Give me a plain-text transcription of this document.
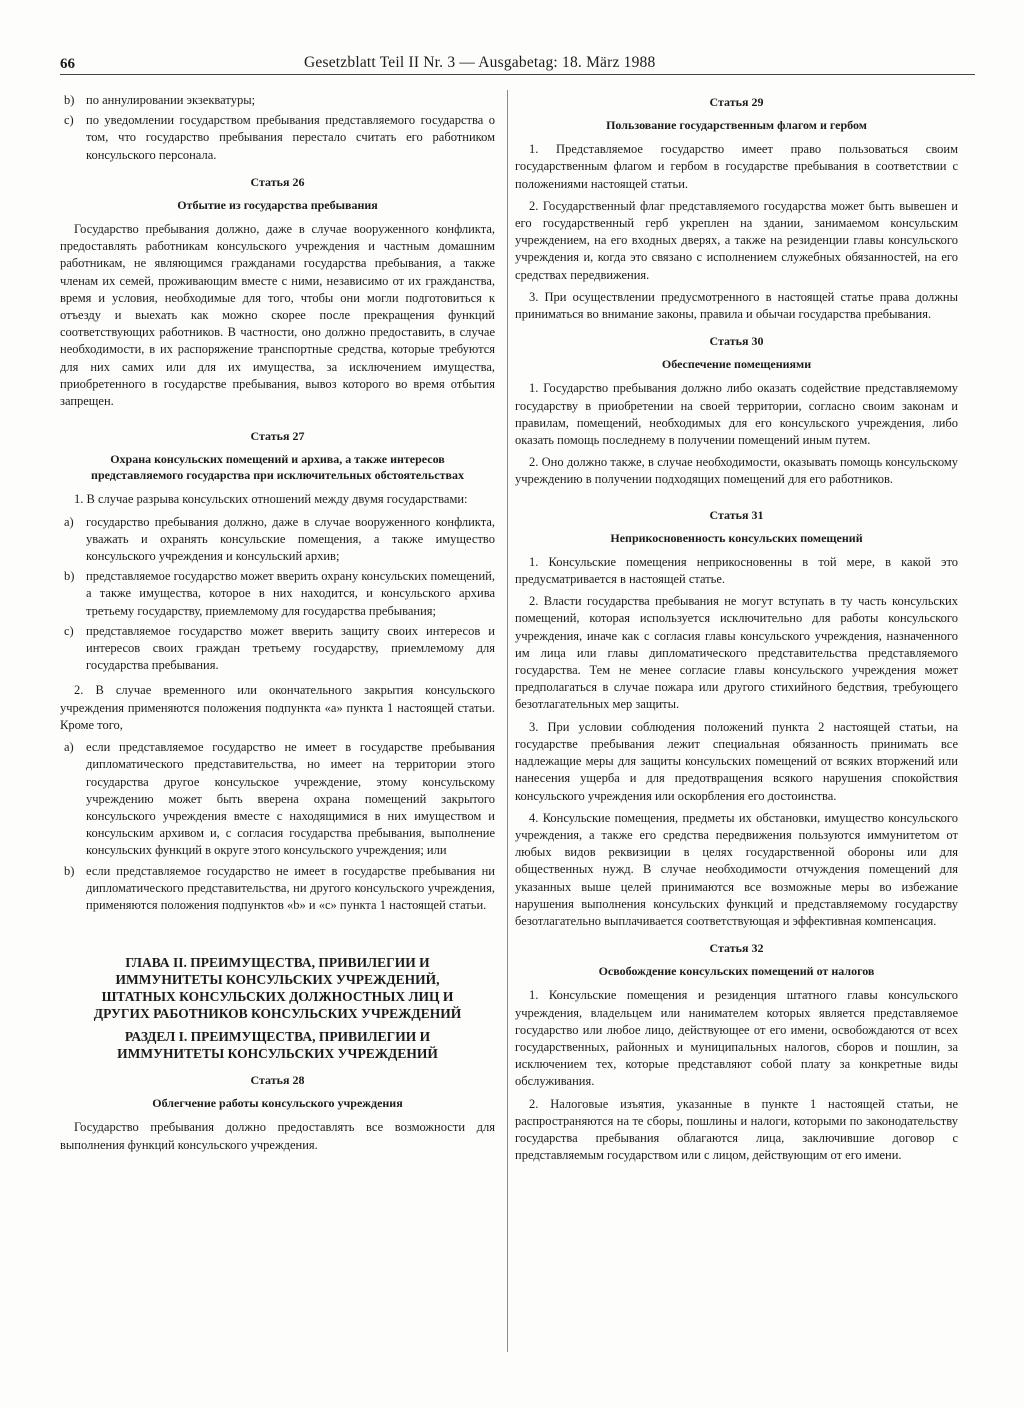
66	Gesetzblatt Teil II Nr. 3 — Ausgabetag: 18. März 1988
b) по аннулировании экзекватуры;
c) по уведомлении государством пребывания представляемого государства о том, что государство пребывания перестало считать его работником консульского персонала.

Статья 26

Отбытие из государства пребывания

Государство пребывания должно, даже в случае вооруженного конфликта, предоставлять работникам консульского учреждения и частным домашним работникам, не являющимся гражданами государства пребывания, а также членам их семей, проживающим вместе с ними, независимо от их гражданства, время и условия, необходимые для того, чтобы они могли подготовиться к отъезду и выехать как можно скорее после прекращения функций соответствующих работников. В частности, оно должно предоставить, в случае необходимости, в их распоряжение транспортные средства, которые требуются для них самих или для их имущества, за исключением имущества, приобретенного в государстве пребывания, вывоз которого во время отбытия запрещен.

Статья 27

Охрана консульских помещений и архива, а также интересов представляемого государства при исключительных обстоятельствах

1. В случае разрыва консульских отношений между двумя государствами:

a) государство пребывания должно, даже в случае вооруженного конфликта, уважать и охранять консульские помещения, а также имущество консульского учреждения и консульский архив;
b) представляемое государство может вверить охрану консульских помещений, а также имущества, которое в них находится, и консульского архива третьему государству, приемлемому для государства пребывания;
c) представляемое государство может вверить защиту своих интересов и интересов своих граждан третьему государству, приемлемому для государства пребывания.

2. В случае временного или окончательного закрытия консульского учреждения применяются положения подпункта «a» пункта 1 настоящей статьи. Кроме того,

a) если представляемое государство не имеет в государстве пребывания дипломатического представительства, но имеет на территории этого государства другое консульское учреждение, этому консульскому учреждению может быть вверена охрана помещений закрытого консульского учреждения вместе с находящимися в них имуществом и консульским архивом и, с согласия государства пребывания, выполнение консульских функций в округе этого консульского учреждения; или
b) если представляемое государство не имеет в государстве пребывания ни дипломатического представительства, ни другого консульского учреждения, применяются положения подпунктов «b» и «c» пункта 1 настоящей статьи.

ГЛАВА II. ПРЕИМУЩЕСТВА, ПРИВИЛЕГИИ И ИММУНИТЕТЫ КОНСУЛЬСКИХ УЧРЕЖДЕНИЙ, ШТАТНЫХ КОНСУЛЬСКИХ ДОЛЖНОСТНЫХ ЛИЦ И ДРУГИХ РАБОТНИКОВ КОНСУЛЬСКИХ УЧРЕЖДЕНИЙ

РАЗДЕЛ I. ПРЕИМУЩЕСТВА, ПРИВИЛЕГИИ И ИММУНИТЕТЫ КОНСУЛЬСКИХ УЧРЕЖДЕНИЙ

Статья 28

Облегчение работы консульского учреждения

Государство пребывания должно предоставлять все возможности для выполнения функций консульского учреждения.

Статья 29

Пользование государственным флагом и гербом

1. Представляемое государство имеет право пользоваться своим государственным флагом и гербом в государстве пребывания в соответствии с положениями настоящей статьи.

2. Государственный флаг представляемого государства может быть вывешен и его государственный герб укреплен на здании, занимаемом консульским учреждением, на его входных дверях, а также на резиденции главы консульского учреждения и, когда это связано с исполнением служебных обязанностей, на его средствах передвижения.

3. При осуществлении предусмотренного в настоящей статье права должны приниматься во внимание законы, правила и обычаи государства пребывания.

Статья 30

Обеспечение помещениями

1. Государство пребывания должно либо оказать содействие представляемому государству в приобретении на своей территории, согласно своим законам и правилам, помещений, необходимых для его консульского учреждения, либо оказать помощь последнему в получении помещений иным путем.

2. Оно должно также, в случае необходимости, оказывать помощь консульскому учреждению в получении подходящих помещений для его работников.

Статья 31

Неприкосновенность консульских помещений

1. Консульские помещения неприкосновенны в той мере, в какой это предусматривается в настоящей статье.

2. Власти государства пребывания не могут вступать в ту часть консульских помещений, которая используется исключительно для работы консульского учреждения, иначе как с согласия главы консульского учреждения, назначенного им лица или главы дипломатического представительства представляемого государства. Тем не менее согласие главы консульского учреждения может предполагаться в случае пожара или другого стихийного бедствия, требующего безотлагательных мер защиты.

3. При условии соблюдения положений пункта 2 настоящей статьи, на государстве пребывания лежит специальная обязанность принимать все надлежащие меры для защиты консульских помещений от всяких вторжений или нанесения ущерба и для предотвращения всякого нарушения спокойствия консульского учреждения или оскорбления его достоинства.

4. Консульские помещения, предметы их обстановки, имущество консульского учреждения, а также его средства передвижения пользуются иммунитетом от любых видов реквизиции в целях государственной обороны или для общественных нужд. В случае необходимости отчуждения помещений для указанных выше целей принимаются все возможные меры во избежание нарушения выполнения консульских функций и представляемому государству безотлагательно выплачивается соответствующая и эффективная компенсация.

Статья 32

Освобождение консульских помещений от налогов

1. Консульские помещения и резиденция штатного главы консульского учреждения, владельцем или нанимателем которых является представляемое государство или любое лицо, действующее от его имени, освобождаются от всех государственных, районных и муниципальных налогов, сборов и пошлин, за исключением тех, которые представляют собой плату за конкретные виды обслуживания.

2. Налоговые изъятия, указанные в пункте 1 настоящей статьи, не распространяются на те сборы, пошлины и налоги, которыми по законодательству государства пребывания облагаются лица, заключившие договор с представляемым государством или с лицом, действующим от его имени.
